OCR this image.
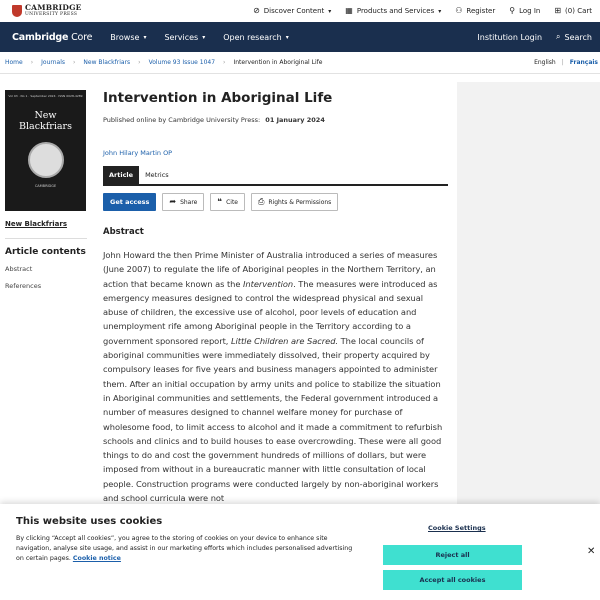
CAMBRIDGE
UNIVERSITY PRESS	⊘ Discover Content ▾ ▦ Products and Services ▾ ⚇ Register ⚲ Log In ⊞ (0) Cart
Cambridge Core Browse ▾ Services ▾ Open research ▾	Institution Login ⌕ Search
Home › Journals › New Blackfriars › Volume 93 Issue 1047 › Intervention in Aboriginal Life	English | Français
Vol 93 · No 1 · September 2024 · ISSN 0028-4289
New
Blackfriars
CAMBRIDGE
New Blackfriars
Article contents
Abstract
References
Intervention in Aboriginal Life
Published online by Cambridge University Press: 01 January 2024
John Hilary Martin OP
Article	Metrics
Get access	➦ Share	❝ Cite	⎙ Rights & Permissions
Abstract

John Howard the then Prime Minister of Australia introduced a series of measures (June 2007) to regulate the life of Aboriginal peoples in the Northern Territory, an action that became known as the Intervention. The measures were introduced as emergency measures designed to control the widespread physical and sexual abuse of children, the excessive use of alcohol, poor levels of education and unemployment rife among Aboriginal people in the Territory according to a government sponsored report, Little Children are Sacred. The local councils of aboriginal communities were immediately dissolved, their property acquired by compulsory leases for five years and business managers appointed to administer them. After an initial occupation by army units and police to stabilize the situation in Aboriginal communities and settlements, the Federal government introduced a number of measures designed to channel welfare money for purchase of wholesome food, to limit access to alcohol and it made a commitment to refurbish schools and clinics and to build houses to ease overcrowding. These were all good things to do and cost the government hundreds of millions of dollars, but were imposed from without in a bureaucratic manner with little consultation of local people. Construction programs were conducted largely by non-aboriginal workers and school curricula were not

This website uses cookies
By clicking “Accept all cookies”, you agree to the storing of cookies on your device to enhance site navigation, analyse site usage, and assist in our marketing efforts which includes personalised advertising on certain pages. Cookie notice
Cookie Settings
Reject all
Accept all cookies
✕
